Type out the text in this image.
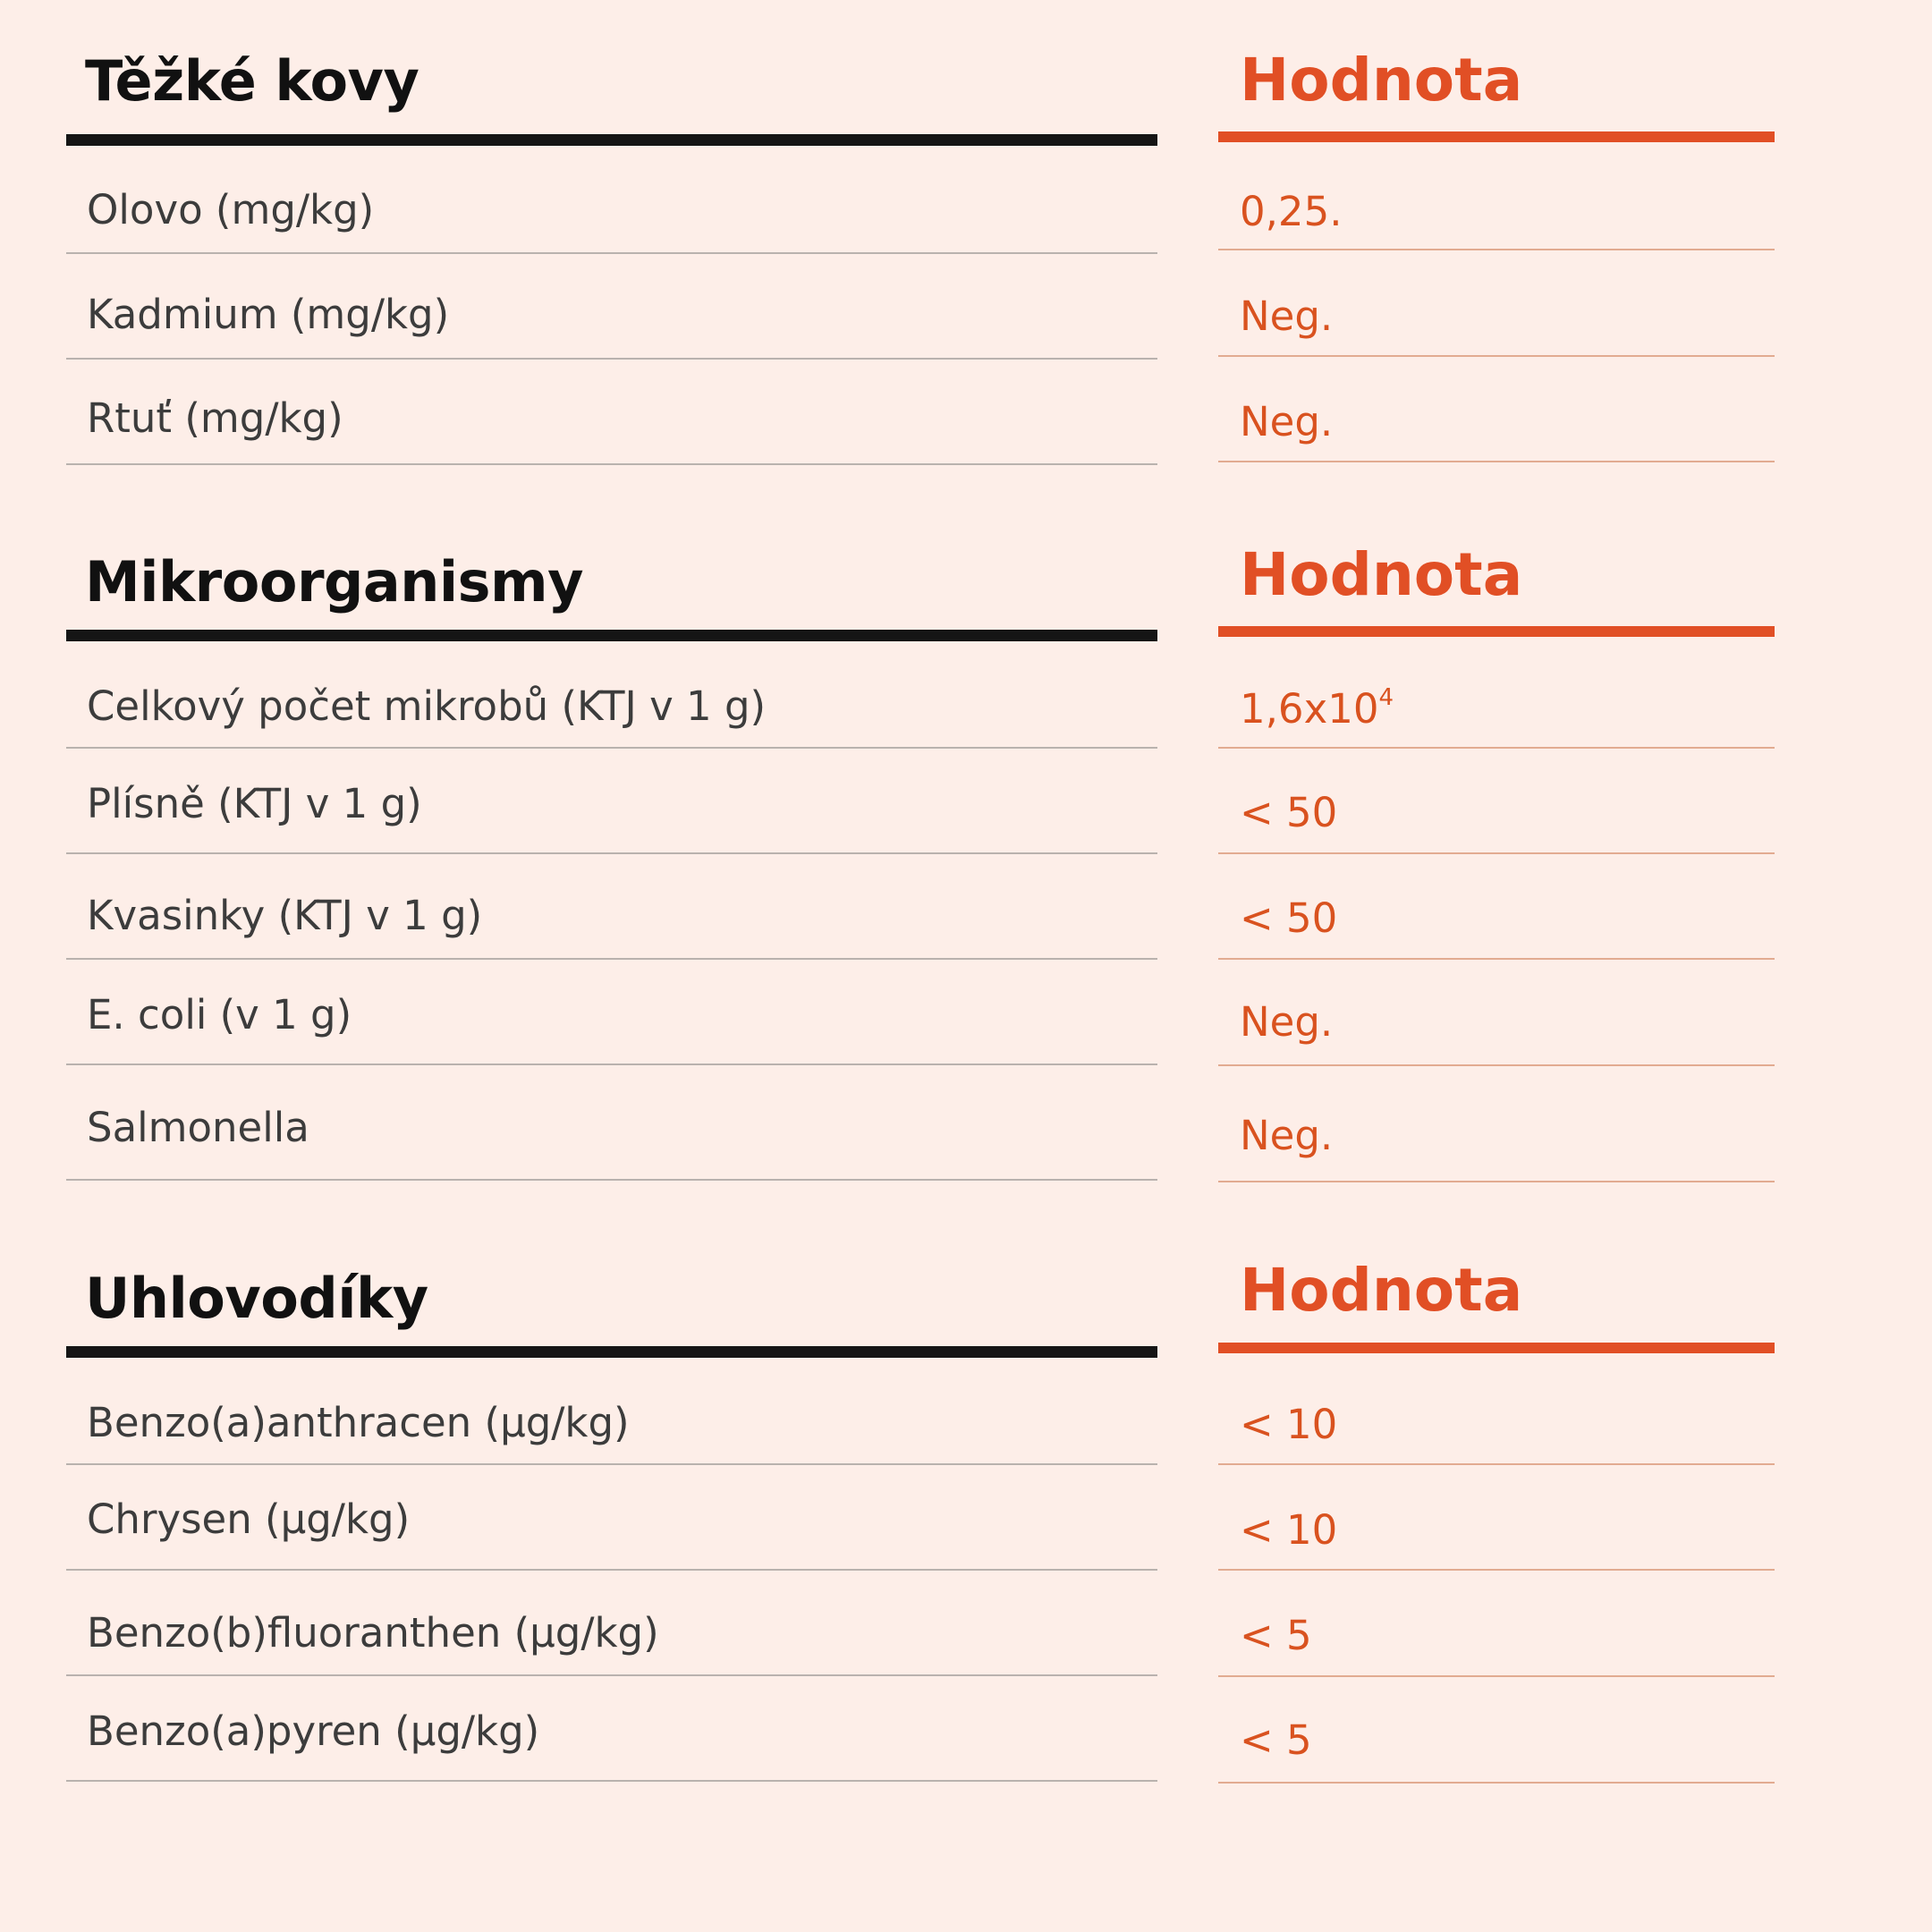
Těžké kovy	Hodnota
Olovo (mg/kg)	0,25.
Kadmium (mg/kg)	Neg.
Rtuť (mg/kg)	Neg.
Mikroorganismy	Hodnota
Celkový počet mikrobů (KTJ v 1 g)	$1,6x10^4$
Plísně (KTJ v 1 g)	< 50
Kvasinky (KTJ v 1 g)	< 50
E. coli (v 1 g)	Neg.
Salmonella	Neg.
Uhlovodíky	Hodnota
Benzo(a)anthracen (µg/kg)	< 10
Chrysen (µg/kg)	< 10
Benzo(b)fluoranthen (µg/kg)	< 5
Benzo(a)pyren (µg/kg)	< 5
